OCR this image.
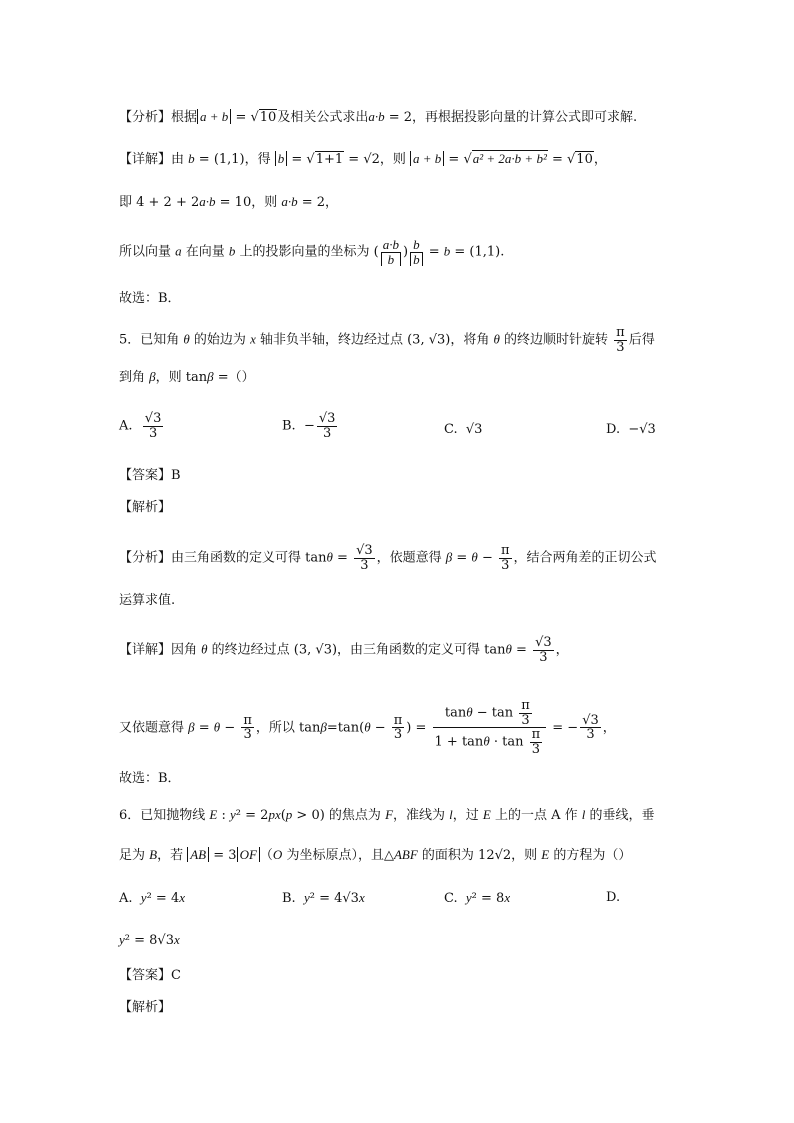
【分析】根据 a + b = √10及相关公式求出a·b = 2，再根据投影向量的计算公式即可求解.
【详解】由 b = (1,1)，得 b = √1+1 = √2，则 a + b = √a² + 2a·b + b² = √10，
即 4 + 2 + 2a·b = 10，则 a·b = 2，
所以向量 a 在向量 b 上的投影向量的坐标为 ( $\frac{a\cdot b}{b}$ ) $\frac{b}{b} = b = (1,1)$.
故选：B．
5．已知角 θ 的始边为 x 轴非负半轴，终边经过点 (3, √3)，将角 θ 的终边顺时针旋转 $\frac{\pi}{3}$ 后得
到角 β，则 tanβ =（）
A. $\frac{√3}{3}$	B.  − $\frac{√3}{3}$	C.  √3	D.  −√3
【答案】B
【解析】
【分析】由三角函数的定义可得 $\tan\theta = \frac{√3}{3}$ ，依题意得 $\beta = \theta - \frac{\pi}{3}$ ，结合两角差的正切公式
运算求值.
【详解】因角 θ 的终边经过点 (3, √3)，由三角函数的定义可得 $\tan\theta = \frac{√3}{3}$ ，
又依题意得 $\beta = \theta - \frac{\pi}{3}$ ，所以 $\tan\beta=\tan(\theta - \frac{\pi}{3}$ ) = $\frac{\tan\theta - \tan \frac{\pi}{3}}{1 + \tan\theta \cdot \tan \frac{\pi}{3}}$ = − $\frac{√3}{3}$ ，
故选：B．
6．已知抛物线 E : y² = 2px(p > 0) 的焦点为 F，准线为 l，过 E 上的一点 A 作 l 的垂线，垂
足为 B，若 AB = 3 OF （O 为坐标原点），且△ABF 的面积为 12√2，则 E 的方程为（）
A.  y² = 4x	B.  y² = 4√3x	C.  y² = 8x	D.
y² = 8√3x
【答案】C
【解析】
